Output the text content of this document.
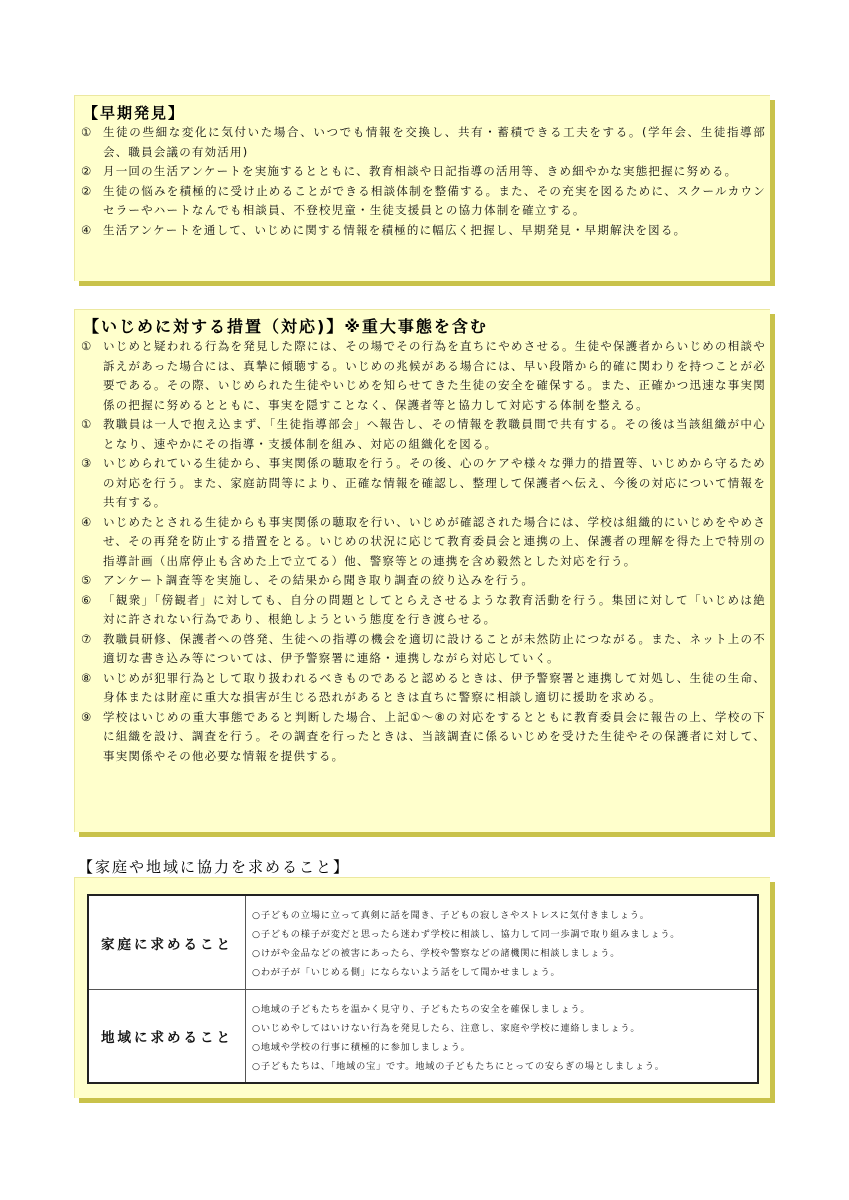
【早期発見】
① 生徒の些細な変化に気付いた場合、いつでも情報を交換し、共有・蓄積できる工夫をする。(学年会、生徒指導部会、職員会議の有効活用)
② 月一回の生活アンケートを実施するとともに、教育相談や日記指導の活用等、きめ細やかな実態把握に努める。
② 生徒の悩みを積極的に受け止めることができる相談体制を整備する。また、その充実を図るために、スクールカウンセラーやハートなんでも相談員、不登校児童・生徒支援員との協力体制を確立する。
④ 生活アンケートを通して、いじめに関する情報を積極的に幅広く把握し、早期発見・早期解決を図る。
【いじめに対する措置（対応)】※重大事態を含む
① いじめと疑われる行為を発見した際には、その場でその行為を直ちにやめさせる。生徒や保護者からいじめの相談や訴えがあった場合には、真摯に傾聴する。いじめの兆候がある場合には、早い段階から的確に関わりを持つことが必要である。その際、いじめられた生徒やいじめを知らせてきた生徒の安全を確保する。また、正確かつ迅速な事実関係の把握に努めるとともに、事実を隠すことなく、保護者等と協力して対応する体制を整える。
① 教職員は一人で抱え込まず、｢生徒指導部会」へ報告し、その情報を教職員間で共有する。その後は当該組織が中心となり、速やかにその指導・支援体制を組み、対応の組織化を図る。
③ いじめられている生徒から、事実関係の聴取を行う。その後、心のケアや様々な弾力的措置等、いじめから守るための対応を行う。また、家庭訪問等により、正確な情報を確認し、整理して保護者へ伝え、今後の対応について情報を共有する。
④ いじめたとされる生徒からも事実関係の聴取を行い、いじめが確認された場合には、学校は組織的にいじめをやめさせ、その再発を防止する措置をとる。いじめの状況に応じて教育委員会と連携の上、保護者の理解を得た上で特別の指導計画（出席停止も含めた上で立てる）他、警察等との連携を含め毅然とした対応を行う。
⑤ アンケート調査等を実施し、その結果から聞き取り調査の絞り込みを行う。
⑥ 「観衆」｢傍観者」に対しても、自分の問題としてとらえさせるような教育活動を行う。集団に対して「いじめは絶対に許されない行為であり、根絶しようという態度を行き渡らせる。
⑦ 教職員研修、保護者への啓発、生徒への指導の機会を適切に設けることが未然防止につながる。また、ネット上の不適切な書き込み等については、伊予警察署に連絡・連携しながら対応していく。
⑧ いじめが犯罪行為として取り扱われるべきものであると認めるときは、伊予警察署と連携して対処し、生徒の生命、身体または財産に重大な損害が生じる恐れがあるときは直ちに警察に相談し適切に援助を求める。
⑨ 学校はいじめの重大事態であると判断した場合、上記①～⑧の対応をするとともに教育委員会に報告の上、学校の下に組織を設け、調査を行う。その調査を行ったときは、当該調査に係るいじめを受けた生徒やその保護者に対して、事実関係やその他必要な情報を提供する。
【家庭や地域に協力を求めること】
家庭に求めること
○子どもの立場に立って真剣に話を聞き、子どもの寂しさやストレスに気付きましょう。
○子どもの様子が変だと思ったら迷わず学校に相談し、協力して同一歩調で取り組みましょう。
○けがや金品などの被害にあったら、学校や警察などの諸機関に相談しましょう。
○わが子が「いじめる側」にならないよう話をして聞かせましょう。
地域に求めること
○地域の子どもたちを温かく見守り、子どもたちの安全を確保しましょう。
○いじめやしてはいけない行為を発見したら、注意し、家庭や学校に連絡しましょう。
○地域や学校の行事に積極的に参加しましょう。
○子どもたちは、「地域の宝」です。地域の子どもたちにとっての安らぎの場としましょう。
